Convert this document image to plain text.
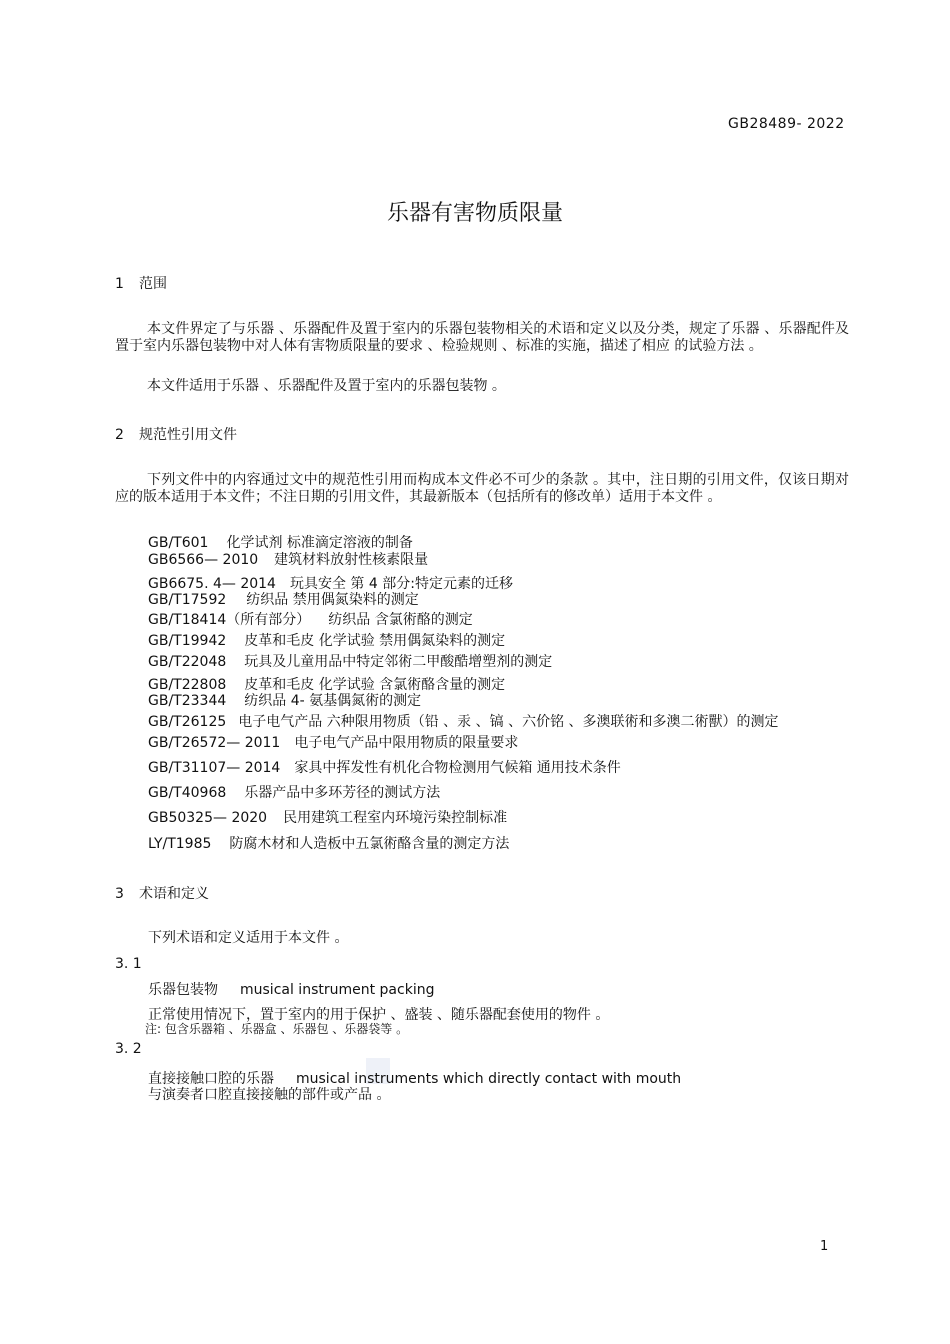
GB28489- 2022
乐器有害物质限量
1 范围
本文件界定了与乐器 、乐器配件及置于室内的乐器包装物相关的术语和定义以及分类，规定了乐器 、乐器配件及置于室内乐器包装物中对人体有害物质限量的要求 、检验规则 、标准的实施，描述了相应 的试验方法 。
本文件适用于乐器 、乐器配件及置于室内的乐器包装物 。
2 规范性引用文件
下列文件中的内容通过文中的规范性引用而构成本文件必不可少的条款 。其中，注日期的引用文件，仅该日期对应的版本适用于本文件；不注日期的引用文件，其最新版本（包括所有的修改单）适用于本文件 。
GB/T601 化学试剂 标准滴定溶液的制备
GB6566— 2010 建筑材料放射性核素限量
GB6675. 4— 2014 玩具安全 第 4 部分:特定元素的迁移
GB/T17592 纺织品 禁用偶氮染料的测定
GB/T18414（所有部分） 纺织品 含氯術酪的测定
GB/T19942 皮革和毛皮 化学试验 禁用偶氮染料的测定
GB/T22048 玩具及儿童用品中特定邻術二甲酸酷增塑剂的测定
GB/T22808 皮革和毛皮 化学试验 含氯術酪含量的测定
GB/T23344 纺织品 4- 氨基偶氮術的测定
GB/T26125 电子电气产品 六种限用物质（铅 、汞 、镐 、六价铭 、多澳联術和多澳二術獸）的测定
GB/T26572— 2011 电子电气产品中限用物质的限量要求
GB/T31107— 2014 家具中挥发性有机化合物检测用气候箱 通用技术条件
GB/T40968 乐器产品中多环芳径的测试方法
GB50325— 2020 民用建筑工程室内环境污染控制标准
LY/T1985 防腐木材和人造板中五氯術酪含量的测定方法
3 术语和定义
下列术语和定义适用于本文件 。
3. 1
乐器包装物 musical instrument packing
正常使用情况下，置于室内的用于保护 、盛装 、随乐器配套使用的物件 。
注: 包含乐器箱 、乐器盒 、乐器包 、乐器袋等 。
3. 2
直接接触口腔的乐器 musical instruments which directly contact with mouth
与演奏者口腔直接接触的部件或产品 。
1
